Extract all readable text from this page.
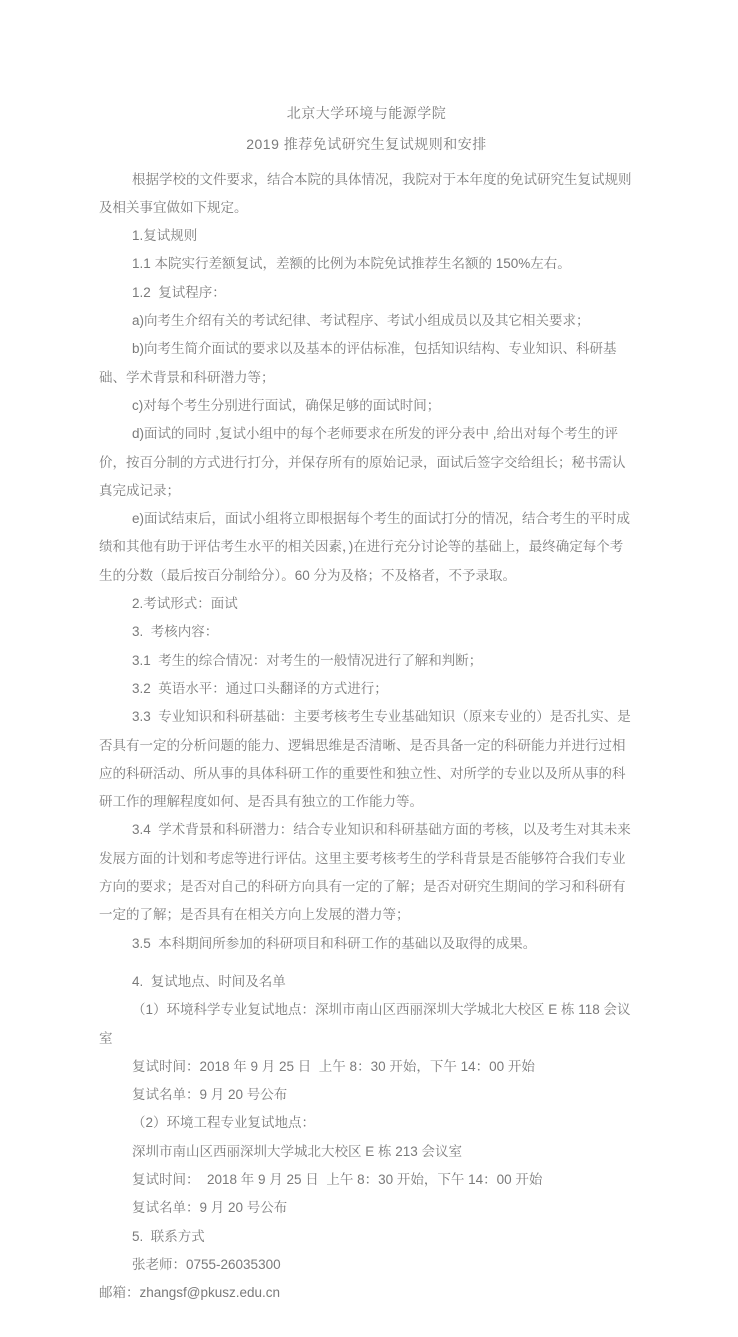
北京大学环境与能源学院
2019 推荐免试研究生复试规则和安排

根据学校的文件要求，结合本院的具体情况，我院对于本年度的免试研究生复试规则及相关事宜做如下规定。

1.复试规则

1.1 本院实行差额复试，差额的比例为本院免试推荐生名额的 150%左右。

1.2  复试程序：

a)向考生介绍有关的考试纪律、考试程序、考试小组成员以及其它相关要求；

b)向考生简介面试的要求以及基本的评估标准，包括知识结构、专业知识、科研基础、学术背景和科研潜力等；

c)对每个考生分别进行面试，确保足够的面试时间；

d)面试的同时 ,复试小组中的每个老师要求在所发的评分表中 ,给出对每个考生的评价，按百分制的方式进行打分，并保存所有的原始记录，面试后签字交给组长；秘书需认真完成记录；

e)面试结束后，面试小组将立即根据每个考生的面试打分的情况，结合考生的平时成绩和其他有助于评估考生水平的相关因素，)在进行充分讨论等的基础上，最终确定每个考生的分数（最后按百分制给分）。60 分为及格；不及格者，不予录取。

2.考试形式：面试

3.  考核内容：

3.1  考生的综合情况：对考生的一般情况进行了解和判断；

3.2  英语水平：通过口头翻译的方式进行；

3.3  专业知识和科研基础：主要考核考生专业基础知识（原来专业的）是否扎实、是否具有一定的分析问题的能力、逻辑思维是否清晰、是否具备一定的科研能力并进行过相应的科研活动、所从事的具体科研工作的重要性和独立性、对所学的专业以及所从事的科研工作的理解程度如何、是否具有独立的工作能力等。

3.4  学术背景和科研潜力：结合专业知识和科研基础方面的考核，以及考生对其未来发展方面的计划和考虑等进行评估。这里主要考核考生的学科背景是否能够符合我们专业方向的要求；是否对自己的科研方向具有一定的了解；是否对研究生期间的学习和科研有一定的了解；是否具有在相关方向上发展的潜力等；

3.5  本科期间所参加的科研项目和科研工作的基础以及取得的成果。

4.  复试地点、时间及名单

（1）环境科学专业复试地点：深圳市南山区西丽深圳大学城北大校区 E 栋 118 会议室

复试时间：2018 年 9 月 25 日  上午 8：30 开始，下午 14：00 开始

复试名单：9 月 20 号公布

（2）环境工程专业复试地点：

深圳市南山区西丽深圳大学城北大校区 E 栋 213 会议室

复试时间：  2018 年 9 月 25 日  上午 8：30 开始，下午 14：00 开始

复试名单：9 月 20 号公布

5.  联系方式

张老师：0755-26035300

邮箱：zhangsf@pkusz.edu.cn
